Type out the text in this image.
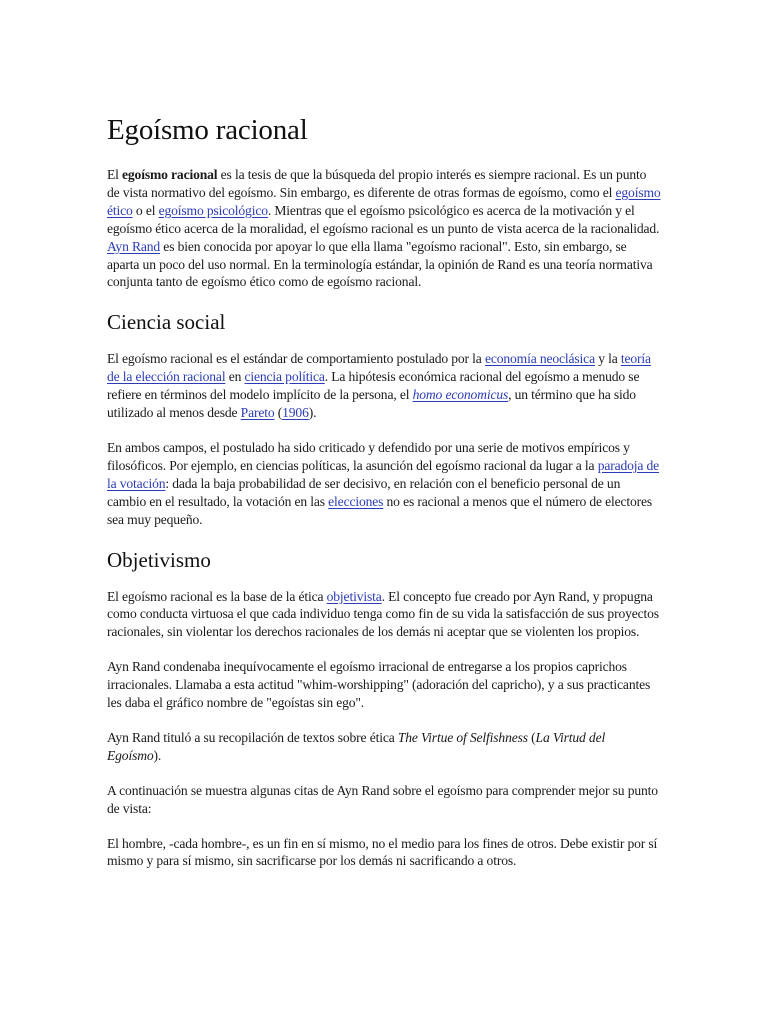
Egoísmo racional

El egoísmo racional es la tesis de que la búsqueda del propio interés es siempre racional. Es un punto de vista normativo del egoísmo. Sin embargo, es diferente de otras formas de egoísmo, como el egoísmo ético o el egoísmo psicológico. Mientras que el egoísmo psicológico es acerca de la motivación y el egoísmo ético acerca de la moralidad, el egoísmo racional es un punto de vista acerca de la racionalidad. Ayn Rand es bien conocida por apoyar lo que ella llama "egoísmo racional". Esto, sin embargo, se aparta un poco del uso normal. En la terminología estándar, la opinión de Rand es una teoría normativa conjunta tanto de egoísmo ético como de egoísmo racional.

Ciencia social

El egoísmo racional es el estándar de comportamiento postulado por la economía neoclásica y la teoría de la elección racional en ciencia política. La hipótesis económica racional del egoísmo a menudo se refiere en términos del modelo implícito de la persona, el homo economicus, un término que ha sido utilizado al menos desde Pareto (1906).

En ambos campos, el postulado ha sido criticado y defendido por una serie de motivos empíricos y filosóficos. Por ejemplo, en ciencias políticas, la asunción del egoísmo racional da lugar a la paradoja de la votación: dada la baja probabilidad de ser decisivo, en relación con el beneficio personal de un cambio en el resultado, la votación en las elecciones no es racional a menos que el número de electores sea muy pequeño.

Objetivismo

El egoísmo racional es la base de la ética objetivista. El concepto fue creado por Ayn Rand, y propugna como conducta virtuosa el que cada individuo tenga como fin de su vida la satisfacción de sus proyectos racionales, sin violentar los derechos racionales de los demás ni aceptar que se violenten los propios.

Ayn Rand condenaba inequívocamente el egoísmo irracional de entregarse a los propios caprichos irracionales. Llamaba a esta actitud "whim-worshipping" (adoración del capricho), y a sus practicantes les daba el gráfico nombre de "egoístas sin ego".

Ayn Rand tituló a su recopilación de textos sobre ética The Virtue of Selfishness (La Virtud del Egoísmo).

A continuación se muestra algunas citas de Ayn Rand sobre el egoísmo para comprender mejor su punto de vista:

El hombre, -cada hombre-, es un fin en sí mismo, no el medio para los fines de otros. Debe existir por sí mismo y para sí mismo, sin sacrificarse por los demás ni sacrificando a otros.
